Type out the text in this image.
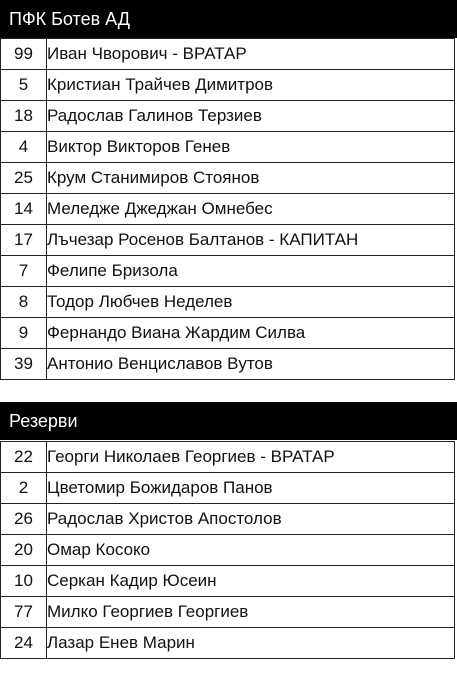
ПФК Ботев АД
99	Иван Чворович - ВРАТАР
5	Кристиан Трайчев Димитров
18	Радослав Галинов Терзиев
4	Виктор Викторов Генев
25	Крум Станимиров Стоянов
14	Меледже Джеджан Омнебес
17	Лъчезар Росенов Балтанов - КАПИТАН
7	Фелипе Бризола
8	Тодор Любчев Неделев
9	Фернандо Виана Жардим Силва
39	Антонио Венциславов Вутов
Резерви
22	Георги Николаев Георгиев - ВРАТАР
2	Цветомир Божидаров Панов
26	Радослав Христов Апостолов
20	Омар Косоко
10	Серкан Кадир Юсеин
77	Милко Георгиев Георгиев
24	Лазар Енев Марин
